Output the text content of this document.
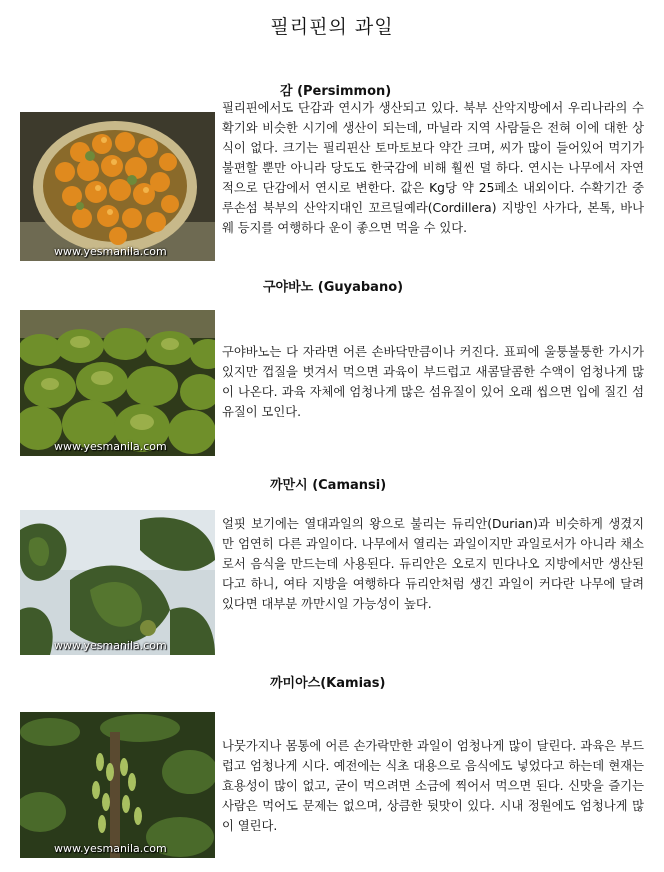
필리핀의 과일
감 (Persimmon)
www.yesmanila.com

필리핀에서도 단감과 연시가 생산되고 있다. 북부 산악지방에서 우리나라의 수확기와 비슷한 시기에 생산이 되는데, 마닐라 지역 사람들은 전혀 이에 대한 상식이 없다. 크기는 필리핀산 토마토보다 약간 크며, 씨가 많이 들어있어 먹기가 불편할 뿐만 아니라 당도도 한국감에 비해 훨씬 덜 하다. 연시는 나무에서 자연적으로 단감에서 연시로 변한다. 값은 Kg당 약 25페소 내외이다. 수확기간 중루손섬 북부의 산악지대인 꼬르딜예라(Cordillera) 지방인 사가다, 본톡, 바나웨 등지를 여행하다 운이 좋으면 먹을 수 있다.

구야바노 (Guyabano)
www.yesmanila.com

구야바노는 다 자라면 어른 손바닥만큼이나 커진다. 표피에 울퉁불퉁한 가시가 있지만 껍질을 벗겨서 먹으면 과육이 부드럽고 새콤달콤한 수액이 엄청나게 많이 나온다. 과육 자체에 엄청나게 많은 섬유질이 있어 오래 씹으면 입에 질긴 섬유질이 모인다.

까만시 (Camansi)
www.yesmanila.com

얼핏 보기에는 열대과일의 왕으로 불리는 듀리안(Durian)과 비슷하게 생겼지만 엄연히 다른 과일이다. 나무에서 열리는 과일이지만 과일로서가 아니라 채소로서 음식을 만드는데 사용된다. 듀리안은 오로지 민다나오 지방에서만 생산된다고 하니, 여타 지방을 여행하다 듀리안처럼 생긴 과일이 커다란 나무에 달려 있다면 대부분 까만시일 가능성이 높다.

까미아스(Kamias)
www.yesmanila.com

나뭇가지나 몸통에 어른 손가락만한 과일이 엄청나게 많이 달린다. 과육은 부드럽고 엄청나게 시다. 예전에는 식초 대용으로 음식에도 넣었다고 하는데 현재는 효용성이 많이 없고, 굳이 먹으려면 소금에 찍어서 먹으면 된다. 신맛을 즐기는 사람은 먹어도 문제는 없으며, 상큼한 뒷맛이 있다. 시내 정원에도 엄청나게 많이 열린다.
